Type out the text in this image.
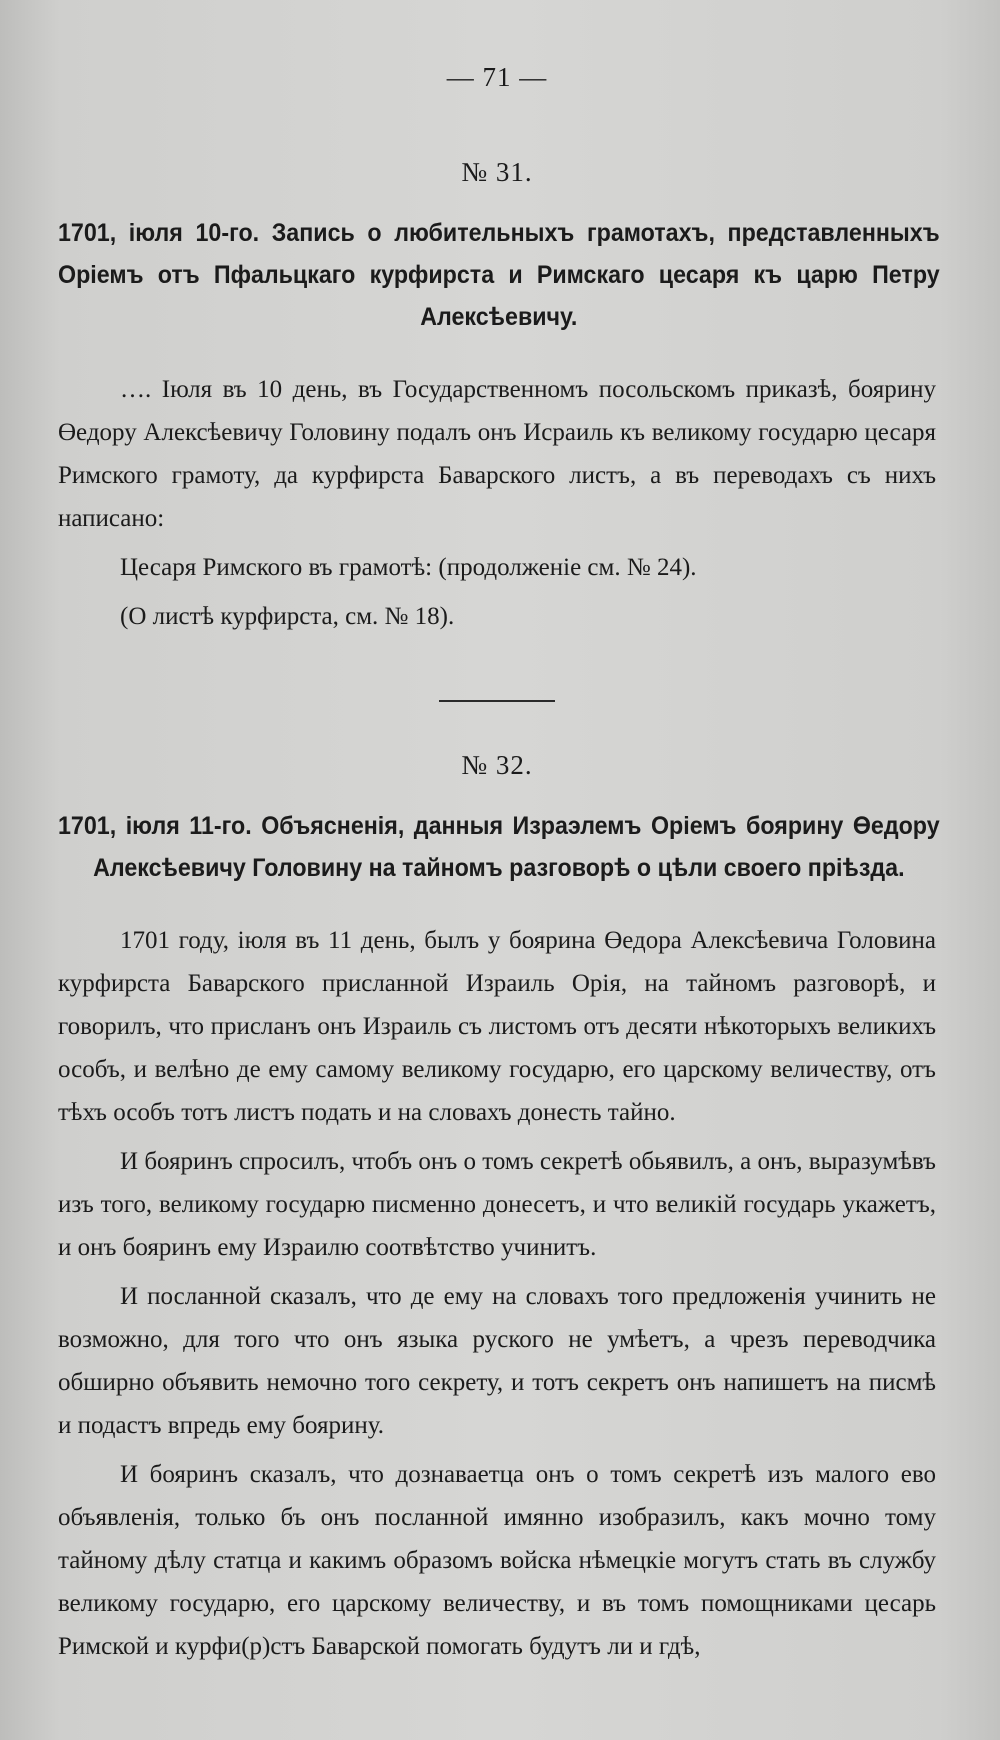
— 71 —
№ 31.
1701, іюля 10-го. Запись о любительныхъ грамотахъ, представленныхъ Оріемъ отъ Пфальцкаго курфирста и Римскаго цесаря къ царю Петру Алексѣевичу.

…. Іюля въ 10 день, въ Государственномъ посольскомъ приказѣ, боярину Өедору Алексѣевичу Головину подалъ онъ Исраиль къ великому государю цесаря Римского грамоту, да курфирста Баварского листъ, а въ переводахъ съ нихъ написано:

Цесаря Римского въ грамотѣ: (продолженіе см. № 24).

(О листѣ курфирста, см. № 18).

№ 32.
1701, іюля 11-го. Объясненія, данныя Израэлемъ Оріемъ боярину Өедору Алексѣевичу Головину на тайномъ разговорѣ о цѣли своего пріѣзда.

1701 году, іюля въ 11 день, былъ у боярина Өедора Алексѣевича Головина курфирста Баварского присланной Израиль Орія, на тайномъ разговорѣ, и говорилъ, что присланъ онъ Израиль съ листомъ отъ десяти нѣкоторыхъ великихъ особъ, и велѣно де ему самому великому государю, его царскому величеству, отъ тѣхъ особъ тотъ листъ подать и на словахъ донесть тайно.

И бояринъ спросилъ, чтобъ онъ о томъ секретѣ обьявилъ, а онъ, выразумѣвъ изъ того, великому государю писменно донесетъ, и что великій государь укажетъ, и онъ бояринъ ему Израилю соотвѣтство учинитъ.

И посланной сказалъ, что де ему на словахъ того предложенія учинить не возможно, для того что онъ языка руского не умѣетъ, а чрезъ переводчика обширно объявить немочно того секрету, и тотъ секретъ онъ напишетъ на писмѣ и подастъ впредь ему боярину.

И бояринъ сказалъ, что дознаваетца онъ о томъ секретѣ изъ малого ево объявленія, только бъ онъ посланной имянно изобразилъ, какъ мочно тому тайному дѣлу статца и какимъ образомъ войска нѣмецкіе могутъ стать въ службу великому государю, его царскому величеству, и въ томъ помощниками цесарь Римской и курфи(р)стъ Баварской помогать будутъ ли и гдѣ,
